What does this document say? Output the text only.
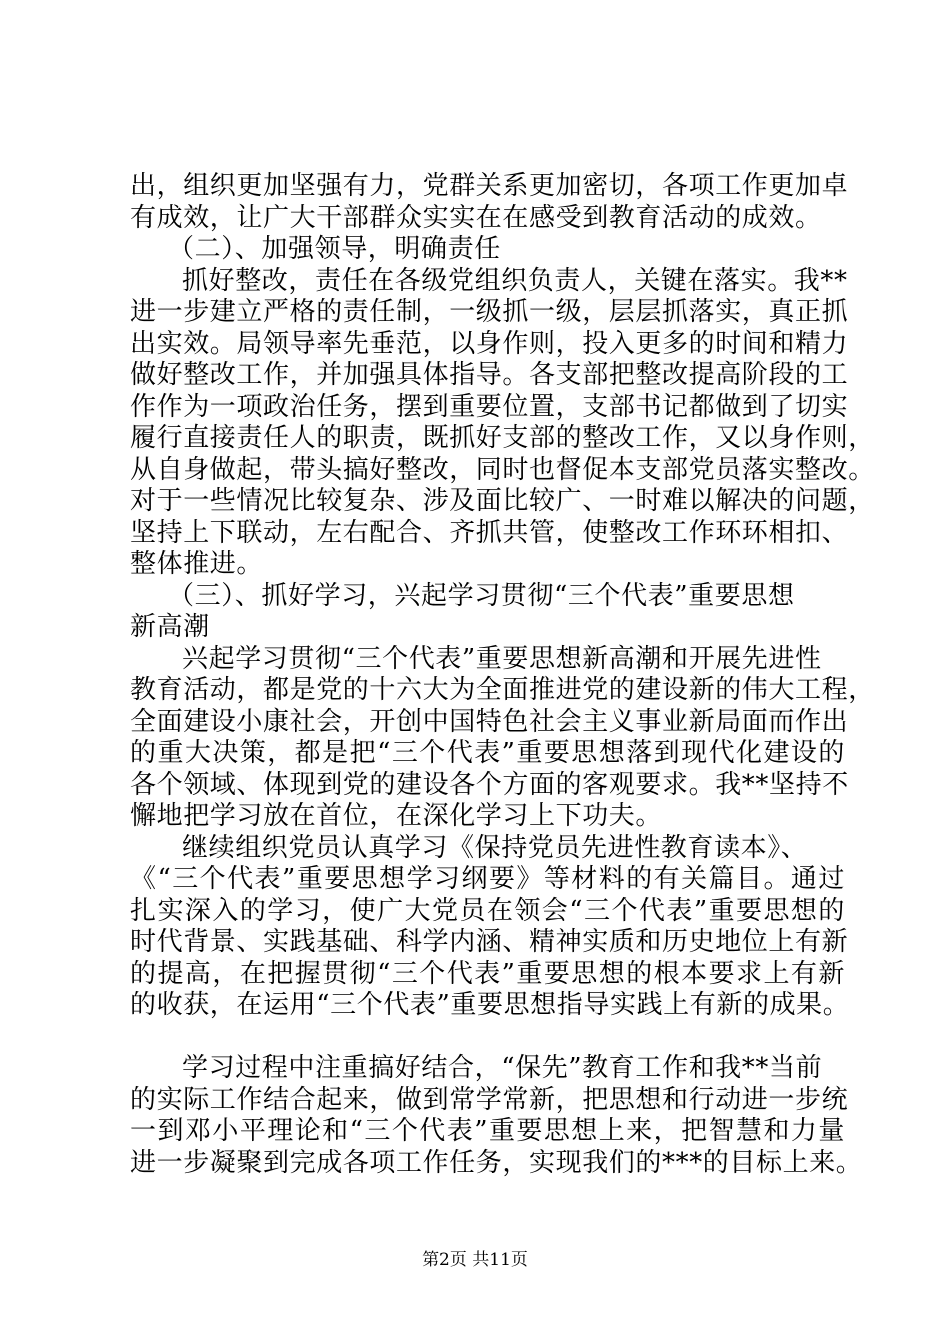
出，组织更加坚强有力，党群关系更加密切，各项工作更加卓
有成效，让广大干部群众实实在在感受到教育活动的成效。
（二）、加强领导，明确责任
抓好整改，责任在各级党组织负责人，关键在落实。我**
进一步建立严格的责任制，一级抓一级，层层抓落实，真正抓
出实效。局领导率先垂范，以身作则，投入更多的时间和精力
做好整改工作，并加强具体指导。各支部把整改提高阶段的工
作作为一项政治任务，摆到重要位置，支部书记都做到了切实
履行直接责任人的职责，既抓好支部的整改工作，又以身作则，
从自身做起，带头搞好整改，同时也督促本支部党员落实整改。
对于一些情况比较复杂、涉及面比较广、一时难以解决的问题，
坚持上下联动，左右配合、齐抓共管，使整改工作环环相扣、
整体推进。
（三）、抓好学习，兴起学习贯彻“三个代表”重要思想
新高潮
兴起学习贯彻“三个代表”重要思想新高潮和开展先进性
教育活动，都是党的十六大为全面推进党的建设新的伟大工程，
全面建设小康社会，开创中国特色社会主义事业新局面而作出
的重大决策，都是把“三个代表”重要思想落到现代化建设的
各个领域、体现到党的建设各个方面的客观要求。我**坚持不
懈地把学习放在首位，在深化学习上下功夫。
继续组织党员认真学习《保持党员先进性教育读本》、
《“三个代表”重要思想学习纲要》等材料的有关篇目。通过
扎实深入的学习，使广大党员在领会“三个代表”重要思想的
时代背景、实践基础、科学内涵、精神实质和历史地位上有新
的提高，在把握贯彻“三个代表”重要思想的根本要求上有新
的收获，在运用“三个代表”重要思想指导实践上有新的成果。
学习过程中注重搞好结合，“保先”教育工作和我**当前
的实际工作结合起来，做到常学常新，把思想和行动进一步统
一到邓小平理论和“三个代表”重要思想上来，把智慧和力量
进一步凝聚到完成各项工作任务，实现我们的***的目标上来。
第2页 共11页
